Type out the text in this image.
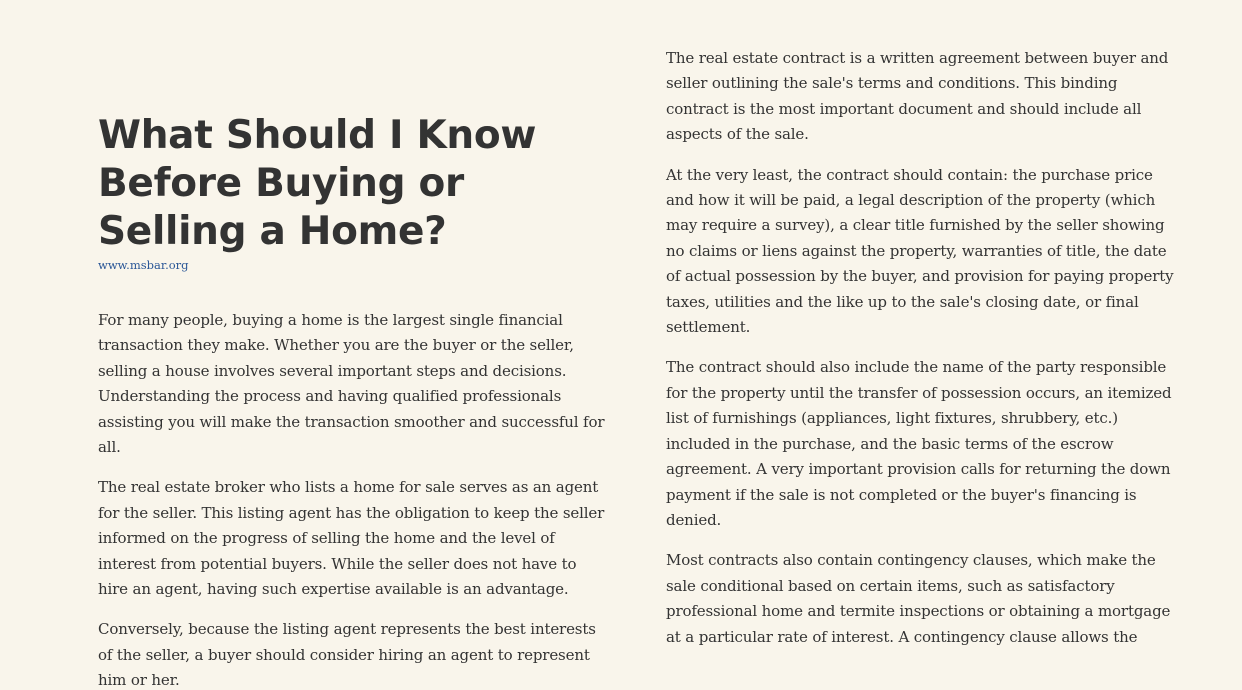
What Should I Know Before Buying or Selling a Home?
www.msbar.org

For many people, buying a home is the largest single financial transaction they make. Whether you are the buyer or the seller, selling a house involves several important steps and decisions. Understanding the process and having qualified professionals assisting you will make the transaction smoother and successful for all.

The real estate broker who lists a home for sale serves as an agent for the seller. This listing agent has the obligation to keep the seller informed on the progress of selling the home and the level of interest from potential buyers. While the seller does not have to hire an agent, having such expertise available is an advantage.

Conversely, because the listing agent represents the best interests of the seller, a buyer should consider hiring an agent to represent him or her.

The real estate contract is a written agreement between buyer and seller outlining the sale's terms and conditions. This binding contract is the most important document and should include all aspects of the sale.

At the very least, the contract should contain: the purchase price and how it will be paid, a legal description of the property (which may require a survey), a clear title furnished by the seller showing no claims or liens against the property, warranties of title, the date of actual possession by the buyer, and provision for paying property taxes, utilities and the like up to the sale's closing date, or final settlement.

The contract should also include the name of the party responsible for the property until the transfer of possession occurs, an itemized list of furnishings (appliances, light fixtures, shrubbery, etc.) included in the purchase, and the basic terms of the escrow agreement. A very important provision calls for returning the down payment if the sale is not completed or the buyer's financing is denied.

Most contracts also contain contingency clauses, which make the sale conditional based on certain items, such as satisfactory professional home and termite inspections or obtaining a mortgage at a particular rate of interest. A contingency clause allows the
